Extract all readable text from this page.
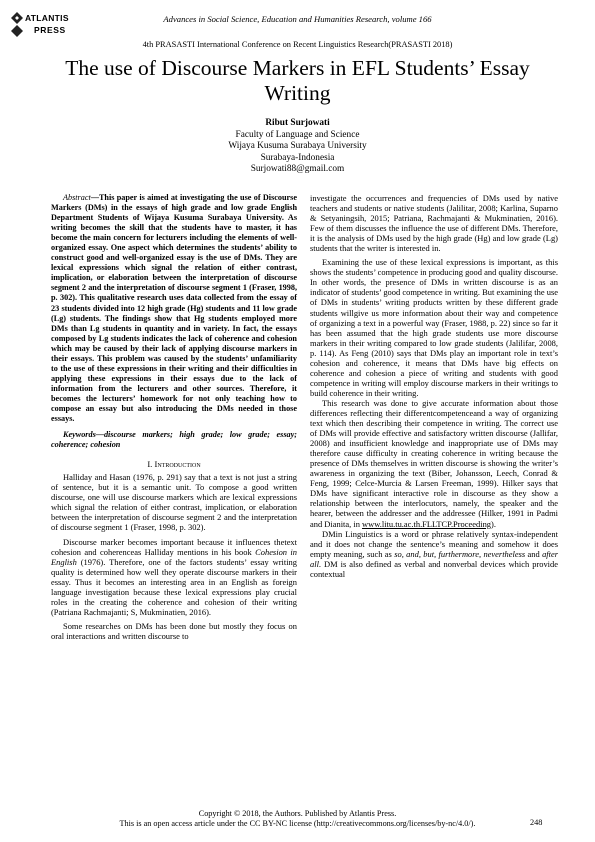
ATLANTIS
PRESS
Advances in Social Science, Education and Humanities Research, volume 166
4th PRASASTI International Conference on Recent Linguistics Research(PRASASTI 2018)
The use of Discourse Markers in EFL Students’ Essay Writing
Ribut Surjowati
Faculty of Language and Science
Wijaya Kusuma Surabaya University
Surabaya-Indonesia
Surjowati88@gmail.com

Abstract—This paper is aimed at investigating the use of Discourse Markers (DMs) in the essays of high grade and low grade English Department Students of Wijaya Kusuma Surabaya University. As writing becomes the skill that the students have to master, it has become the main concern for lecturers including the elements of well-organized essay. One aspect which determines the students’ ability to construct good and well-organized essay is the use of DMs. They are lexical expressions which signal the relation of either contrast, implication, or elaboration between the interpretation of discourse segment 2 and the interpretation of discourse segment 1 (Fraser, 1998, p. 302). This qualitative research uses data collected from the essay of 23 students divided into 12 high grade (Hg) students and 11 low grade (Lg) students. The findings show that Hg students employed more DMs than Lg students in quantity and in variety. In fact, the essays composed by Lg students indicates the lack of coherence and cohesion which may be caused by their lack of applying discourse markers in their essays. This problem was caused by the students’ unfamiliarity to the use of these expressions in their writing and their difficulties in applying these expressions in their essays due to the lack of information from the lecturers and other sources. Therefore, it becomes the lecturers’ homework for not only teaching how to compose an essay but also introducing the DMs needed in those essays.

Keywords—discourse markers; high grade; low grade; essay; coherence; cohesion

I. Introduction

Halliday and Hasan (1976, p. 291) say that a text is not just a string of sentence, but it is a semantic unit. To compose a good written discourse, one will use discourse markers which are lexical expressions which signal the relation of either contrast, implication, or elaboration between the interpretation of discourse segment 2 and the interpretation of discourse segment 1 (Fraser, 1998, p. 302).

Discourse marker becomes important because it influences thetext cohesion and coherenceas Halliday mentions in his book Cohesion in English (1976). Therefore, one of the factors students’ essay writing quality is determined how well they operate discourse markers in their essay. Thus it becomes an interesting area in an English as foreign language investigation because these lexical expressions play crucial roles in the creating the coherence and cohesion of their writing (Patriana Rachmajanti; S, Mukminatien, 2016).

Some researches on DMs has been done but mostly they focus on oral interactions and written discourse to

investigate the occurrences and frequencies of DMs used by native teachers and students or native students (Jalilitar, 2008; Karlina, Suparno & Setyaningsih, 2015; Patriana, Rachmajanti & Mukminatien, 2016). Few of them discusses the influence the use of different DMs. Therefore, it is the analysis of DMs used by the high grade (Hg) and low grade (Lg) students that the writer is interested in.

Examining the use of these lexical expressions is important, as this shows the students’ competence in producing good and quality discourse. In other words, the presence of DMs in written discourse is as an indicator of students’ good competence in writing. But examining the use of DMs in students’ writing products written by these different grade students willgive us more information about their way and competence of organizing a text in a powerful way (Fraser, 1988, p. 22) since so far it has been assumed that the high grade students use more discourse markers in their writing compared to low grade students (Jalilifar, 2008, p. 114). As Feng (2010) says that DMs play an important role in text’s cohesion and coherence, it means that DMs have big effects on coherence and cohesion a piece of writing and students with good competence in writing will employ discourse markers in their writings to build coherence in their writing.

This research was done to give accurate information about those differences reflecting their differentcompetenceand a way of organizing text which then describing their competence in writing. The correct use of DMs will provide effective and satisfactory written discourse (Jallifar, 2008) and insufficient knowledge and inappropriate use of DMs may therefore cause difficulty in creating coherence in writing because the presence of DMs themselves in written discourse is showing the writer’s awareness in organizing the text (Biber, Johansson, Leech, Conrad & Feng, 1999; Celce-Murcia & Larsen Freeman, 1999). Hilker says that DMs have significant interactive role in discourse as they show a relationship between the interlocutors, namely, the speaker and the hearer, between the addresser and the addressee (Hilker, 1991 in Padmi and Dianita, in www.litu.tu.ac.th.FLLTCP.Proceeding).

DMin Linguistics is a word or phrase relatively syntax-independent and it does not change the sentence’s meaning and somehow it does empty meaning, such as so, and, but, furthermore, nevertheless and after all. DM is also defined as verbal and nonverbal devices which provide contextual

Copyright © 2018, the Authors. Published by Atlantis Press.
This is an open access article under the CC BY-NC license (http://creativecommons.org/licenses/by-nc/4.0/).	248
